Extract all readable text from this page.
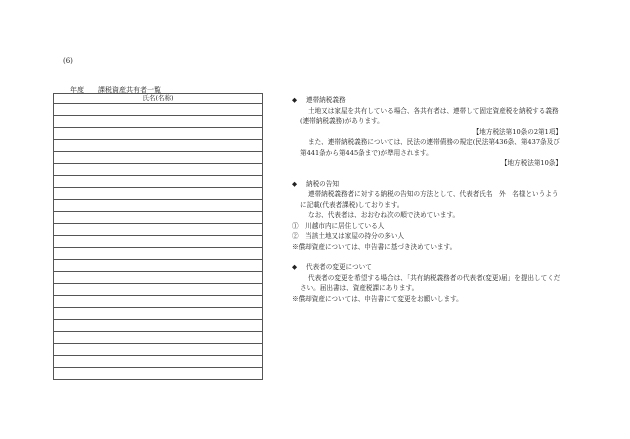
(6)
年度 課税資産共有者一覧
氏名(名称)	◆	連帯納税義務

土地又は家屋を共有している場合、各共有者は、連帯して固定資産税を納税する義務(連帯納税義務)があります。

【地方税法第10条の2第1項】

また、連帯納税義務については、民法の連帯債務の規定(民法第436条、第437条及び第441条から第445条まで)が準用されます。

【地方税法第10条】

◆	納税の告知

連帯納税義務者に対する納税の告知の方法として、代表者氏名　外　名様というように記載(代表者課税)しております。

なお、代表者は、おおむね次の順で決めています。

①　川越市内に居住している人

②　当該土地又は家屋の持分の多い人

※償却資産については、申告書に基づき決めています。

◆	代表者の変更について

代表者の変更を希望する場合は、「共有納税義務者の代表者(変更)届」を提出してください。届出書は、資産税課にあります。

※償却資産については、申告書にて変更をお願いします。
